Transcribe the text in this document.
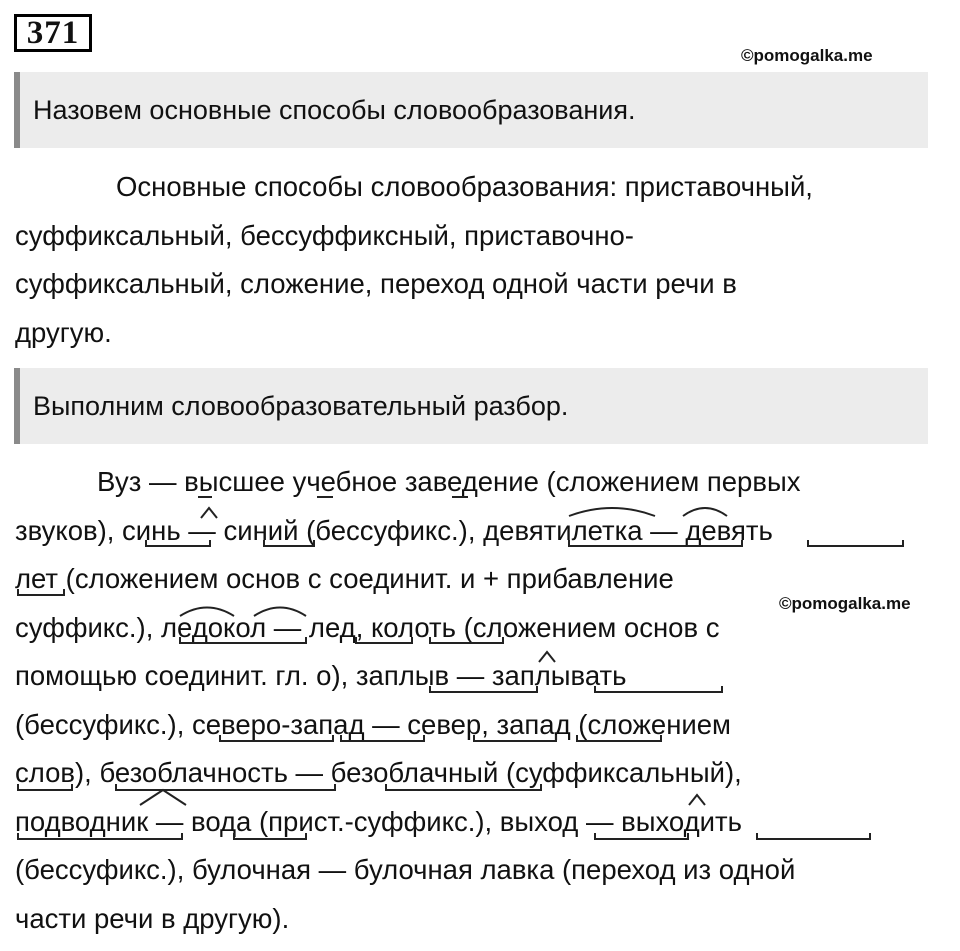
371
©pomogalka.me
Назовем основные способы словообразования.

Основные способы словообразования: приставочный,
суффиксальный, бессуффиксный, приставочно-
суффиксальный, сложение, переход одной части речи в
другую.

Выполним словообразовательный разбор.

Вуз — высшее учебное заведение (сложением первых
звуков), синь — синий (бессуфикс.), девятилетка — девять
лет (сложением основ с соединит. и + прибавление
суффикс.), ледокол — лед, колоть (сложением основ с
помощью соединит. гл. о), заплыв — заплывать
(бессуфикс.), северо-запад — север, запад (сложением
слов), безоблачность — безоблачный (суффиксальный),
подводник — вода (прист.-суффикс.), выход — выходить
(бессуфикс.), булочная — булочная лавка (переход из одной
части речи в другую).

©pomogalka.me
